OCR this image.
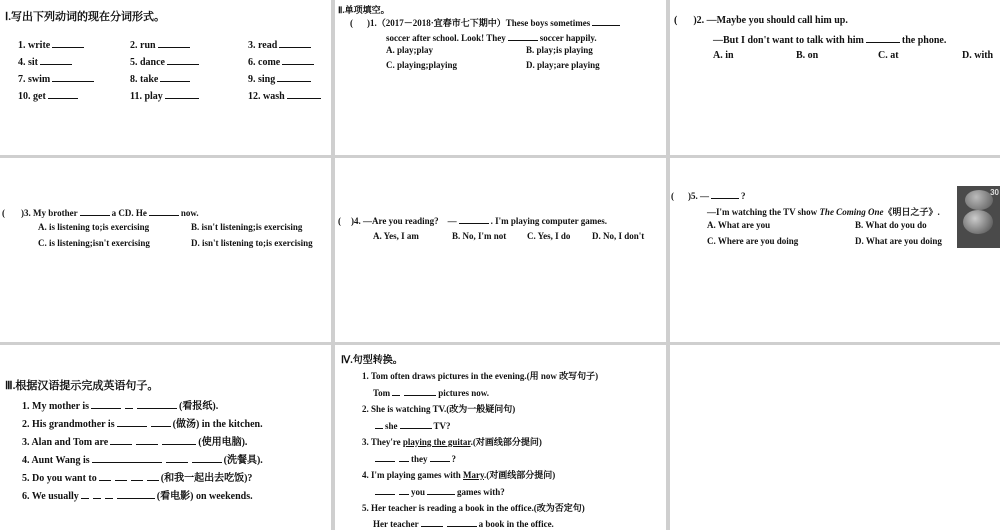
Ⅰ.写出下列动词的现在分词形式。
1. write	2. run	3. read
4. sit	5. dance	6. come
7. swim	8. take	9. sing
10. get	11. play	12. wash
Ⅱ.单项填空。
( )1.（2017－2018·宜春市七下期中）These boys sometimes
soccer after school. Look! They	soccer happily.
A. play;play	B. play;is playing
C. playing;playing	D. play;are playing
( )2. —Maybe you should call him up.
—But I don't want to talk with him	the phone.
A. in	B. on	C. at	D. with
( )3. My brother	a CD. He	now.
A. is listening to;is exercising	B. isn't listening;is exercising
C. is listening;isn't exercising	D. isn't listening to;is exercising
( )4. —Are you reading?　—	. I'm playing computer games.
A. Yes, I am	B. No, I'm not C. Yes, I do D. No, I don't
( )5. —	?
—I'm watching the TV show The Coming One《明日之子》.
A. What are you	B. What do you do
C. Where are you doing	D. What are you doing
30
Ⅲ.根据汉语提示完成英语句子。
1. My mother is	(看报纸).
2. His grandmother is	(做汤) in the kitchen.
3. Alan and Tom are	(使用电脑).
4. Aunt Wang is	(洗餐具).
5. Do you want to	(和我一起出去吃饭)?
6. We usually	(看电影) on weekends.
Ⅳ.句型转换。
1. Tom often draws pictures in the evening.(用 now 改写句子)
Tom	pictures now.
2. She is watching TV.(改为一般疑问句)
she	TV?
3. They're playing the guitar.(对画线部分提问)
they	?
4. I'm playing games with Mary.(对画线部分提问)
you	games with?
5. Her teacher is reading a book in the office.(改为否定句)
Her teacher	a book in the office.
